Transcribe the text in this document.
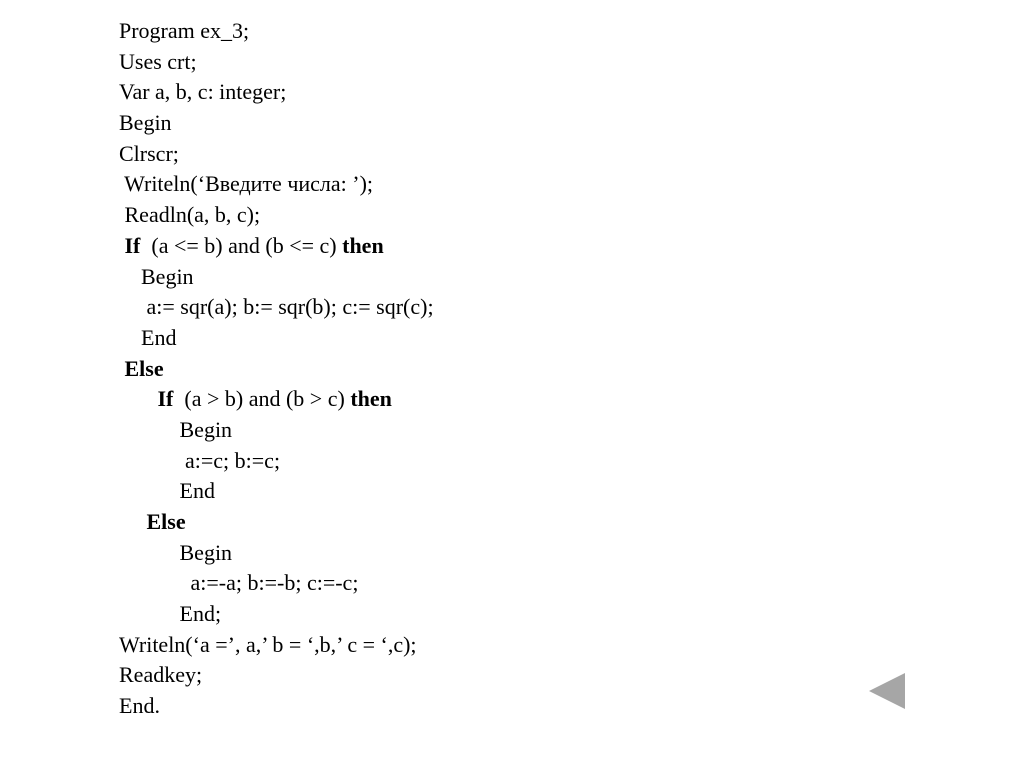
Program ex_3;
Uses crt;
Var a, b, c: integer;
Begin
Clrscr;
Writeln(‘Введите числа: ’);
Readln(a, b, c);
If  (a <= b) and (b <= c) then
Begin
a:= sqr(a); b:= sqr(b); c:= sqr(c);
End
Else
If  (a > b) and (b > c) then
Begin
a:=c; b:=c;
End
Else
Begin
a:=-a; b:=-b; c:=-c;
End;
Writeln(‘a =’, a,’ b = ‘,b,’ c = ‘,c);
Readkey;
End.
